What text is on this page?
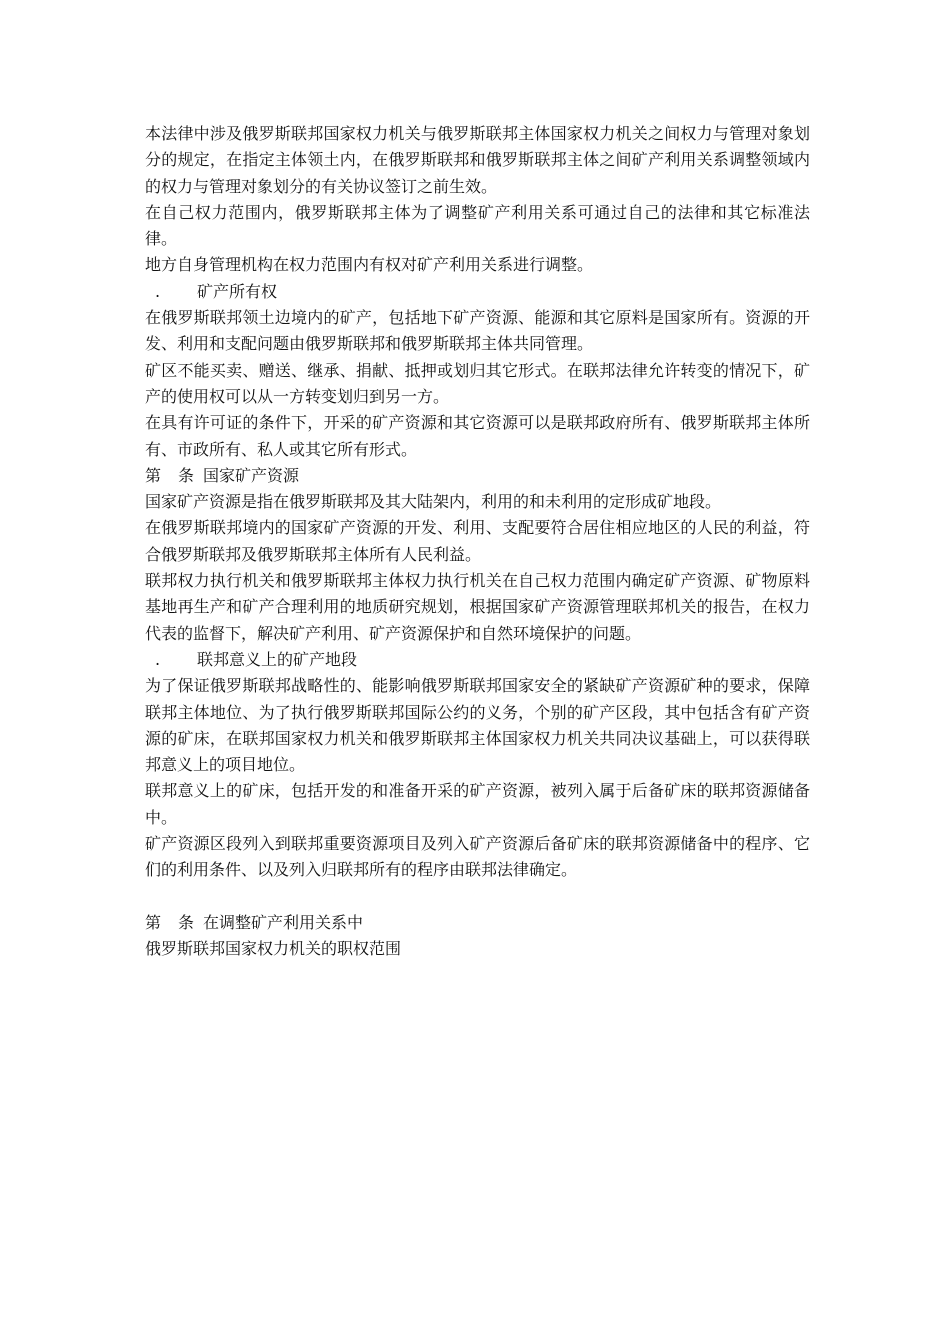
本法律中涉及俄罗斯联邦国家权力机关与俄罗斯联邦主体国家权力机关之间权力与管理对象划分的规定，在指定主体领土内，在俄罗斯联邦和俄罗斯联邦主体之间矿产利用关系调整领域内的权力与管理对象划分的有关协议签订之前生效。

在自己权力范围内，俄罗斯联邦主体为了调整矿产利用关系可通过自己的法律和其它标准法律。

地方自身管理机构在权力范围内有权对矿产利用关系进行调整。

. 矿产所有权

在俄罗斯联邦领土边境内的矿产，包括地下矿产资源、能源和其它原料是国家所有。资源的开发、利用和支配问题由俄罗斯联邦和俄罗斯联邦主体共同管理。

矿区不能买卖、赠送、继承、捐献、抵押或划归其它形式。在联邦法律允许转变的情况下，矿产的使用权可以从一方转变划归到另一方。

在具有许可证的条件下，开采的矿产资源和其它资源可以是联邦政府所有、俄罗斯联邦主体所有、市政所有、私人或其它所有形式。

第 条 国家矿产资源

国家矿产资源是指在俄罗斯联邦及其大陆架内，利用的和未利用的定形成矿地段。

在俄罗斯联邦境内的国家矿产资源的开发、利用、支配要符合居住相应地区的人民的利益，符合俄罗斯联邦及俄罗斯联邦主体所有人民利益。

联邦权力执行机关和俄罗斯联邦主体权力执行机关在自己权力范围内确定矿产资源、矿物原料基地再生产和矿产合理利用的地质研究规划，根据国家矿产资源管理联邦机关的报告，在权力代表的监督下，解决矿产利用、矿产资源保护和自然环境保护的问题。

. 联邦意义上的矿产地段

为了保证俄罗斯联邦战略性的、能影响俄罗斯联邦国家安全的紧缺矿产资源矿种的要求，保障联邦主体地位、为了执行俄罗斯联邦国际公约的义务，个别的矿产区段，其中包括含有矿产资源的矿床，在联邦国家权力机关和俄罗斯联邦主体国家权力机关共同决议基础上，可以获得联邦意义上的项目地位。

联邦意义上的矿床，包括开发的和准备开采的矿产资源，被列入属于后备矿床的联邦资源储备中。

矿产资源区段列入到联邦重要资源项目及列入矿产资源后备矿床的联邦资源储备中的程序、它们的利用条件、以及列入归联邦所有的程序由联邦法律确定。

第 条 在调整矿产利用关系中

俄罗斯联邦国家权力机关的职权范围
